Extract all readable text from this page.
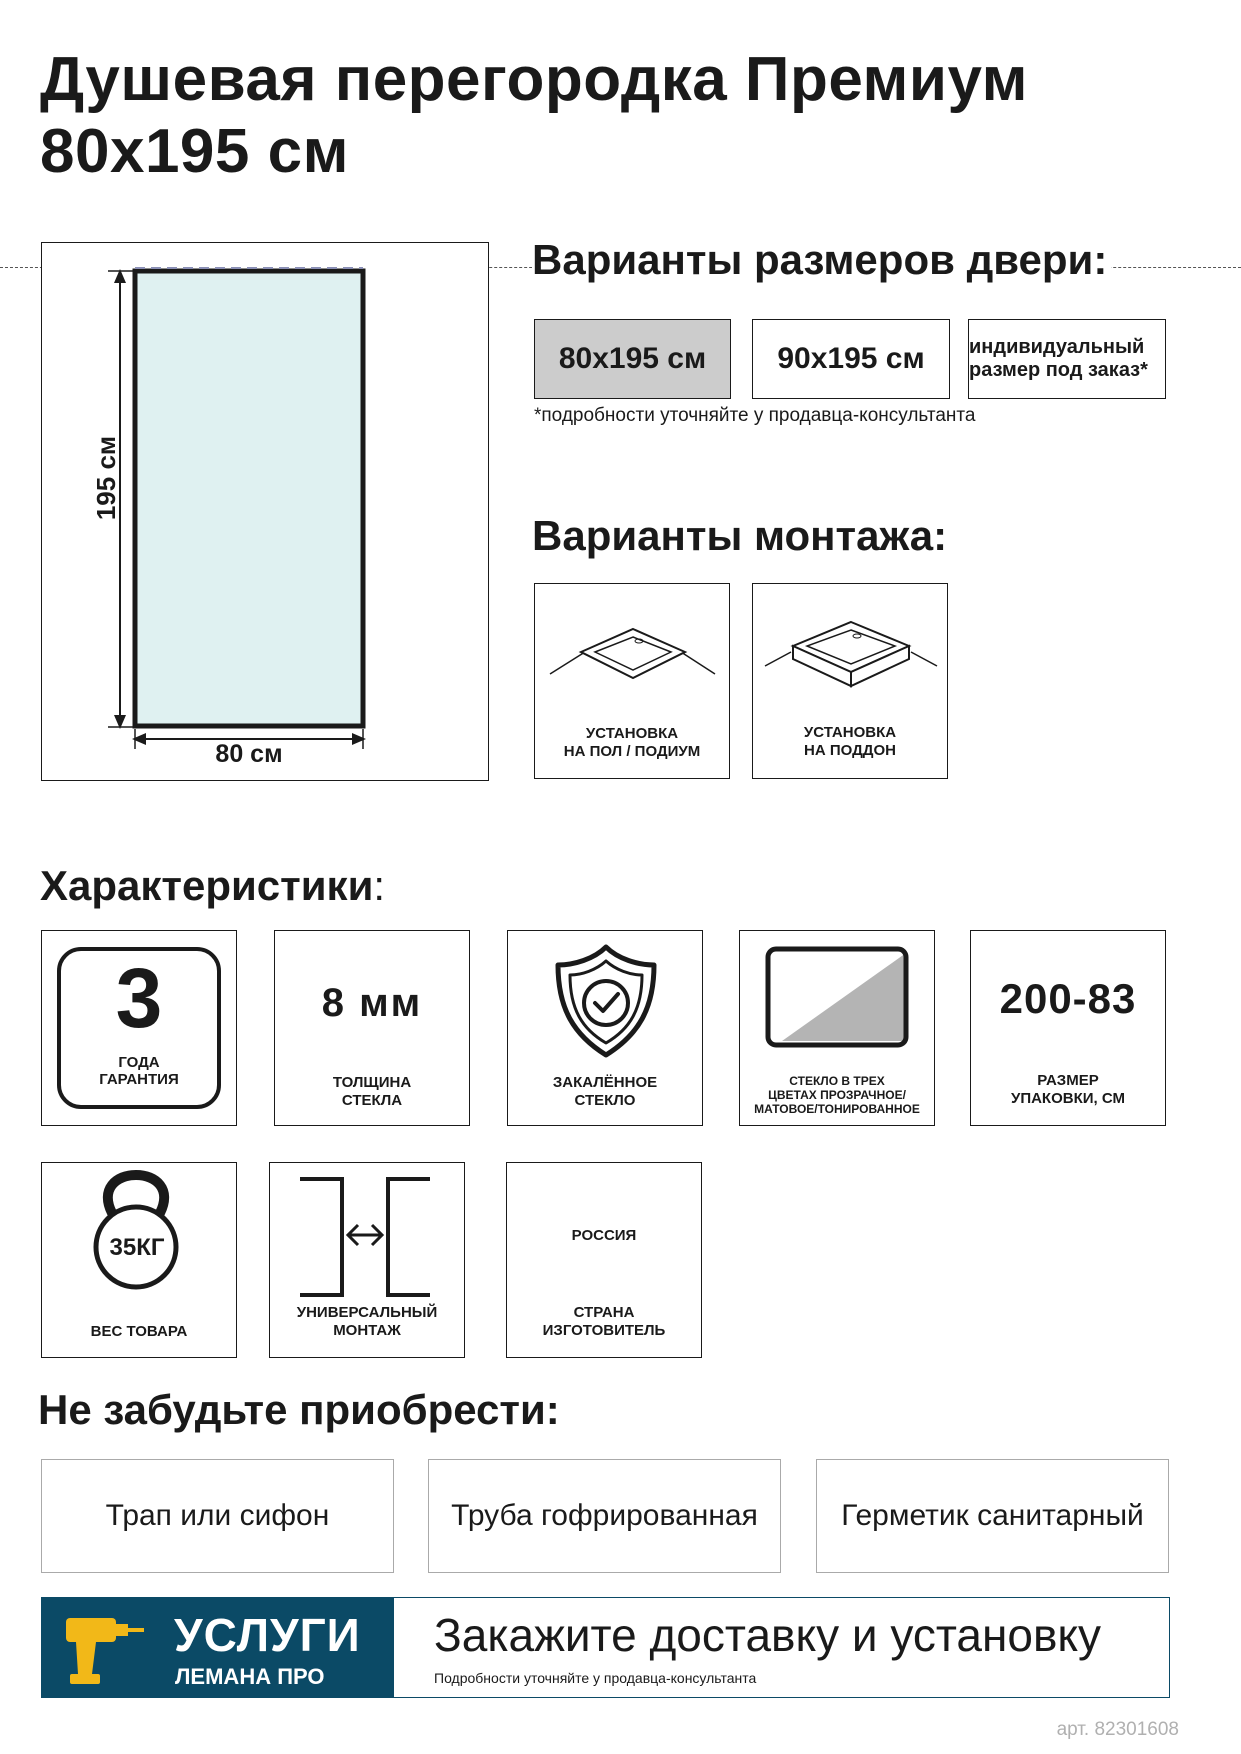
Душевая перегородка Премиум
80х195 см
195 см
80 см
Варианты размеров двери:
80х195 см	90х195 см	индивидуальный
размер под заказ*
*подробности уточняйте у продавца-консультанта
Варианты монтажа:
УСТАНОВКА
НА ПОЛ / ПОДИУМ
УСТАНОВКА
НА ПОДДОН
Характеристики:
3
ГОДА
ГАРАНТИЯ
8 мм
ТОЛЩИНА
СТЕКЛА
ЗАКАЛЁННОЕ
СТЕКЛО
СТЕКЛО В ТРЕХ
ЦВЕТАХ ПРОЗРАЧНОЕ/
МАТОВОЕ/ТОНИРОВАННОЕ
200-83
РАЗМЕР
УПАКОВКИ, СМ
35КГ
ВЕС ТОВАРА
УНИВЕРСАЛЬНЫЙ
МОНТАЖ
РОССИЯ
СТРАНА
ИЗГОТОВИТЕЛЬ
Не забудьте приобрести:
Трап или сифон	Труба гофрированная	Герметик санитарный
УСЛУГИ
ЛЕМАНА ПРО
Закажите доставку и установку
Подробности уточняйте у продавца-консультанта
арт. 82301608
